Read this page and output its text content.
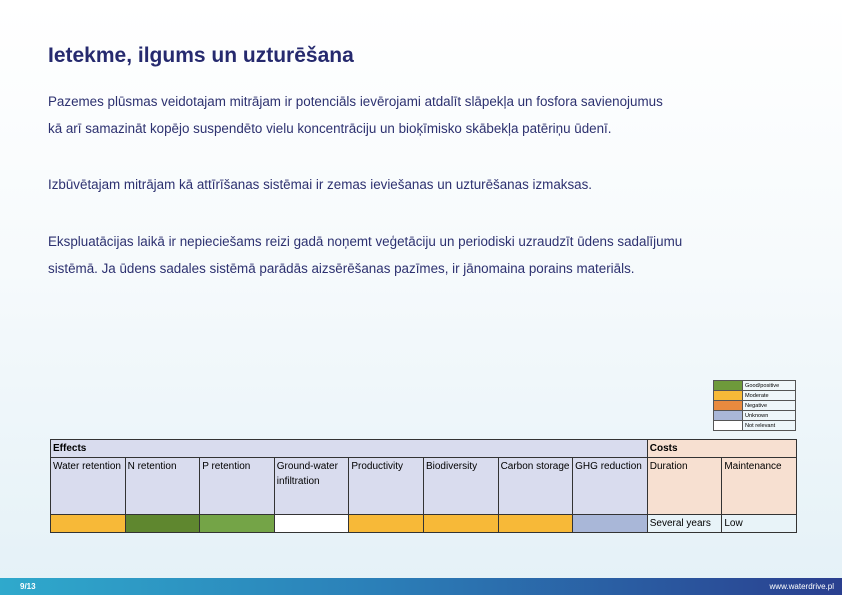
Ietekme, ilgums un uzturēšana
Pazemes plūsmas veidotajam mitrājam ir potenciāls ievērojami atdalīt slāpekļa un fosfora savienojumus
kā arī samazināt kopējo suspendēto vielu koncentrāciju un bioķīmisko skābekļa patēriņu ūdenī.
Izbūvētajam mitrājam kā attīrīšanas sistēmai ir zemas ieviešanas un uzturēšanas izmaksas.
Ekspluatācijas laikā ir nepieciešams reizi gadā noņemt veģetāciju un periodiski uzraudzīt ūdens sadalījumu
sistēmā. Ja ūdens sadales sistēmā parādās aizsērēšanas pazīmes, ir jānomaina porains materiāls.
	Good/positive
	Moderate
	Negative
	Unknown
	Not relevant
Effects								Costs	
Water retention	N retention	P retention	Ground-water infiltration	Productivity	Biodiversity	Carbon storage	GHG reduction	Duration	Maintenance
								Several years	Low
9/13	www.waterdrive.pl
